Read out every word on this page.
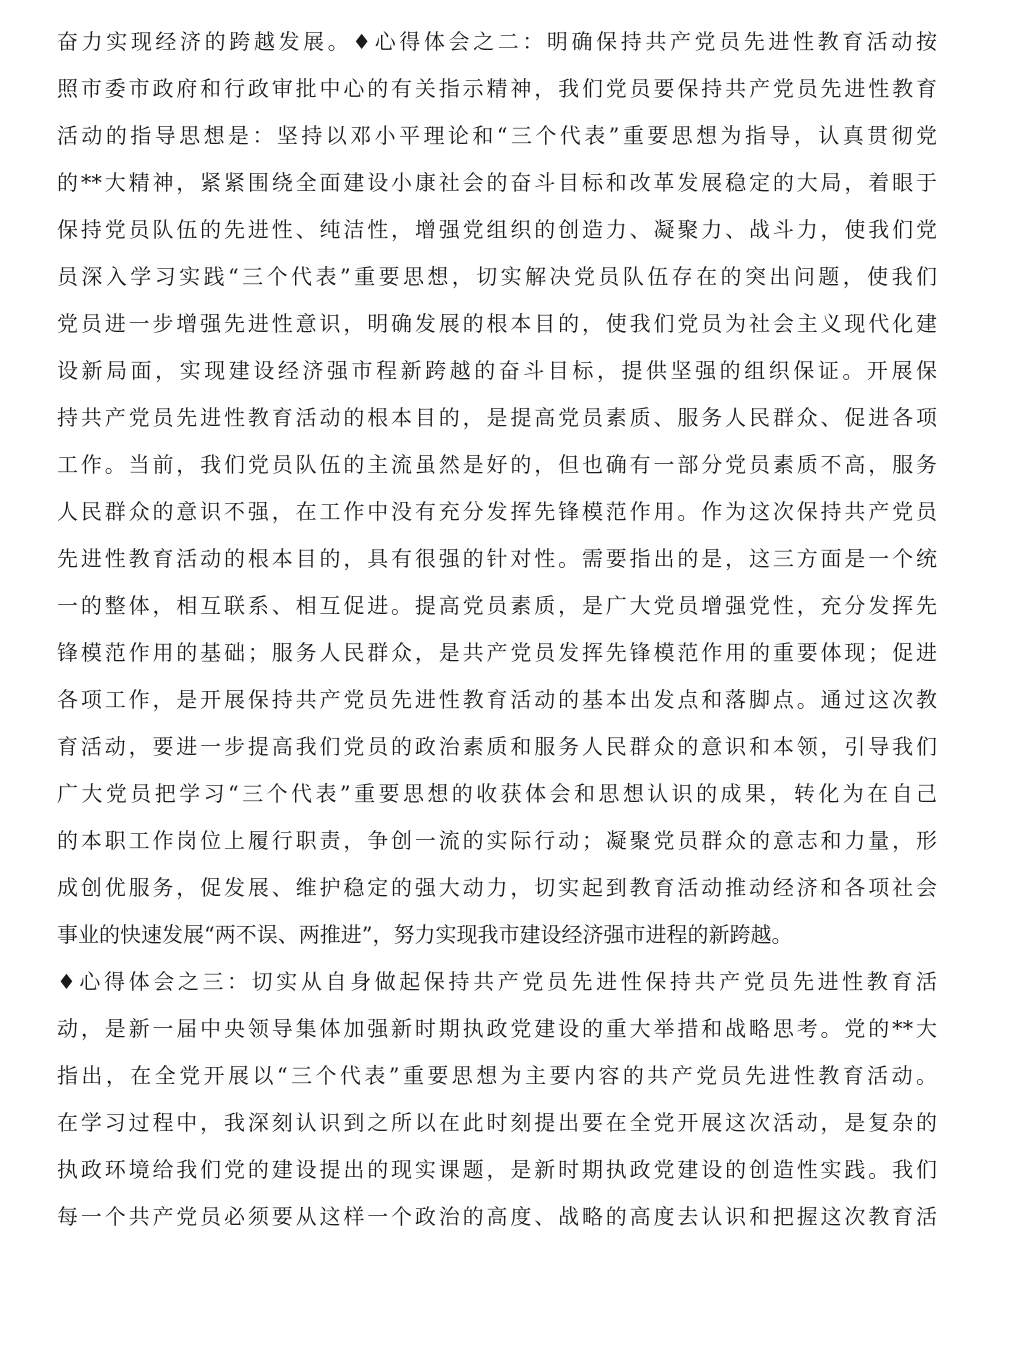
奋力实现经济的跨越发展。♦心得体会之二：明确保持共产党员先进性教育活动按
照市委市政府和行政审批中心的有关指示精神，我们党员要保持共产党员先进性教育
活动的指导思想是：坚持以邓小平理论和“三个代表”重要思想为指导，认真贯彻党
的**大精神，紧紧围绕全面建设小康社会的奋斗目标和改革发展稳定的大局，着眼于
保持党员队伍的先进性、纯洁性，增强党组织的创造力、凝聚力、战斗力，使我们党
员深入学习实践“三个代表”重要思想，切实解决党员队伍存在的突出问题，使我们
党员进一步增强先进性意识，明确发展的根本目的，使我们党员为社会主义现代化建
设新局面，实现建设经济强市程新跨越的奋斗目标，提供坚强的组织保证。开展保
持共产党员先进性教育活动的根本目的，是提高党员素质、服务人民群众、促进各项
工作。当前，我们党员队伍的主流虽然是好的，但也确有一部分党员素质不高，服务
人民群众的意识不强，在工作中没有充分发挥先锋模范作用。作为这次保持共产党员
先进性教育活动的根本目的，具有很强的针对性。需要指出的是，这三方面是一个统
一的整体，相互联系、相互促进。提高党员素质，是广大党员增强党性，充分发挥先
锋模范作用的基础；服务人民群众，是共产党员发挥先锋模范作用的重要体现；促进
各项工作，是开展保持共产党员先进性教育活动的基本出发点和落脚点。通过这次教
育活动，要进一步提高我们党员的政治素质和服务人民群众的意识和本领，引导我们
广大党员把学习“三个代表”重要思想的收获体会和思想认识的成果，转化为在自己
的本职工作岗位上履行职责，争创一流的实际行动；凝聚党员群众的意志和力量，形
成创优服务，促发展、维护稳定的强大动力，切实起到教育活动推动经济和各项社会
事业的快速发展“两不误、两推进”，努力实现我市建设经济强市进程的新跨越。
♦心得体会之三：切实从自身做起保持共产党员先进性保持共产党员先进性教育活
动，是新一届中央领导集体加强新时期执政党建设的重大举措和战略思考。党的**大
指出，在全党开展以“三个代表”重要思想为主要内容的共产党员先进性教育活动。
在学习过程中，我深刻认识到之所以在此时刻提出要在全党开展这次活动，是复杂的
执政环境给我们党的建设提出的现实课题，是新时期执政党建设的创造性实践。我们
每一个共产党员必须要从这样一个政治的高度、战略的高度去认识和把握这次教育活
